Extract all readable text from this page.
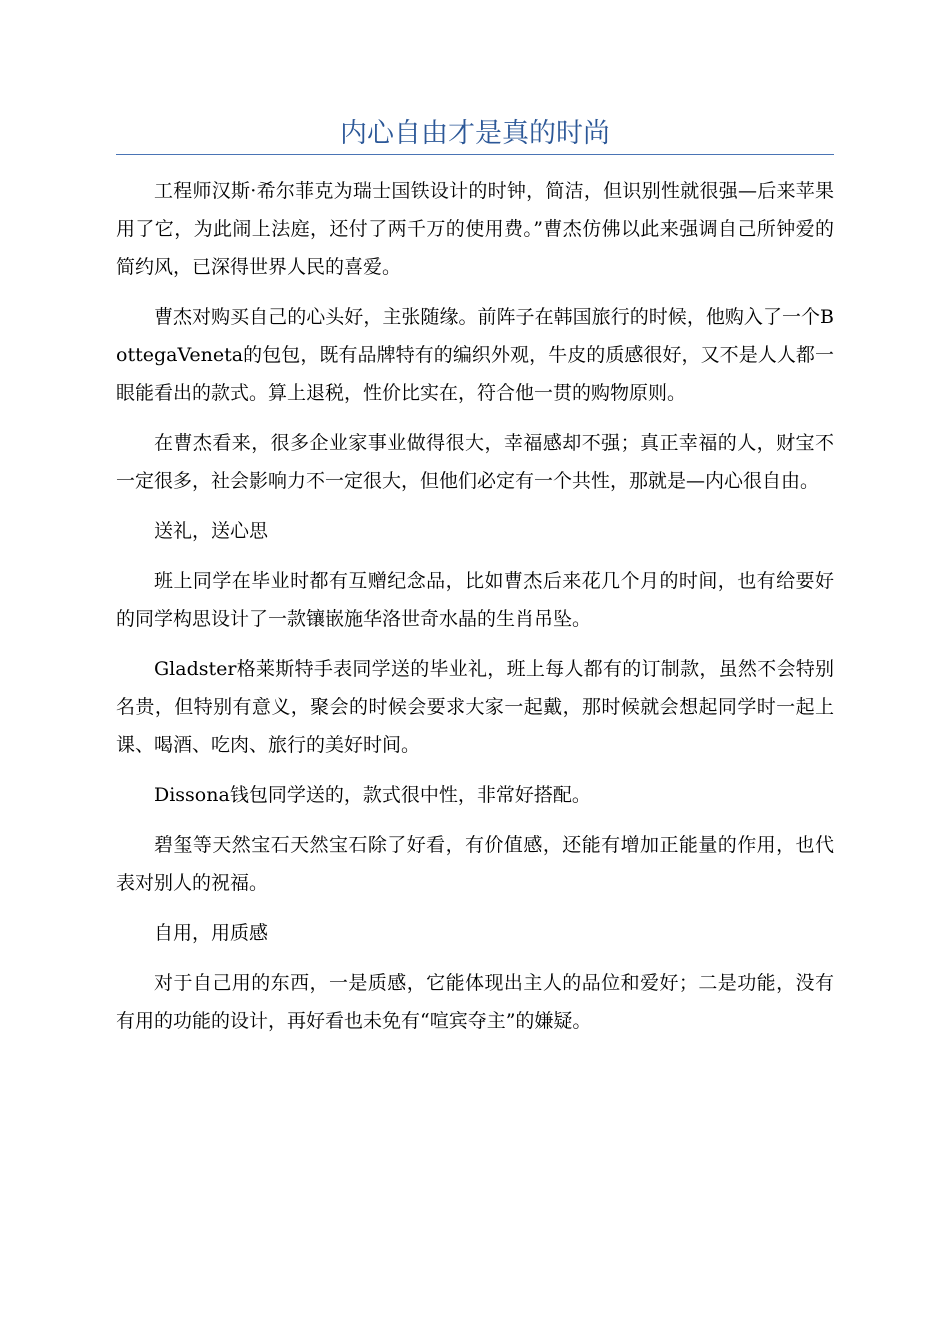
内心自由才是真的时尚

工程师汉斯·希尔菲克为瑞士国铁设计的时钟，简洁，但识别性就很强—后来苹果用了它，为此闹上法庭，还付了两千万的使用费。”曹杰仿佛以此来强调自己所钟爱的简约风，已深得世界人民的喜爱。

曹杰对购买自己的心头好，主张随缘。前阵子在韩国旅行的时候，他购入了一个BottegaVeneta的包包，既有品牌特有的编织外观，牛皮的质感很好，又不是人人都一眼能看出的款式。算上退税，性价比实在，符合他一贯的购物原则。

在曹杰看来，很多企业家事业做得很大，幸福感却不强；真正幸福的人，财宝不一定很多，社会影响力不一定很大，但他们必定有一个共性，那就是—内心很自由。

送礼，送心思

班上同学在毕业时都有互赠纪念品，比如曹杰后来花几个月的时间，也有给要好的同学构思设计了一款镶嵌施华洛世奇水晶的生肖吊坠。

Gladster格莱斯特手表同学送的毕业礼，班上每人都有的订制款，虽然不会特别名贵，但特别有意义，聚会的时候会要求大家一起戴，那时候就会想起同学时一起上课、喝酒、吃肉、旅行的美好时间。

Dissona钱包同学送的，款式很中性，非常好搭配。

碧玺等天然宝石天然宝石除了好看，有价值感，还能有增加正能量的作用，也代表对别人的祝福。

自用，用质感

对于自己用的东西，一是质感，它能体现出主人的品位和爱好；二是功能，没有有用的功能的设计，再好看也未免有“喧宾夺主”的嫌疑。
